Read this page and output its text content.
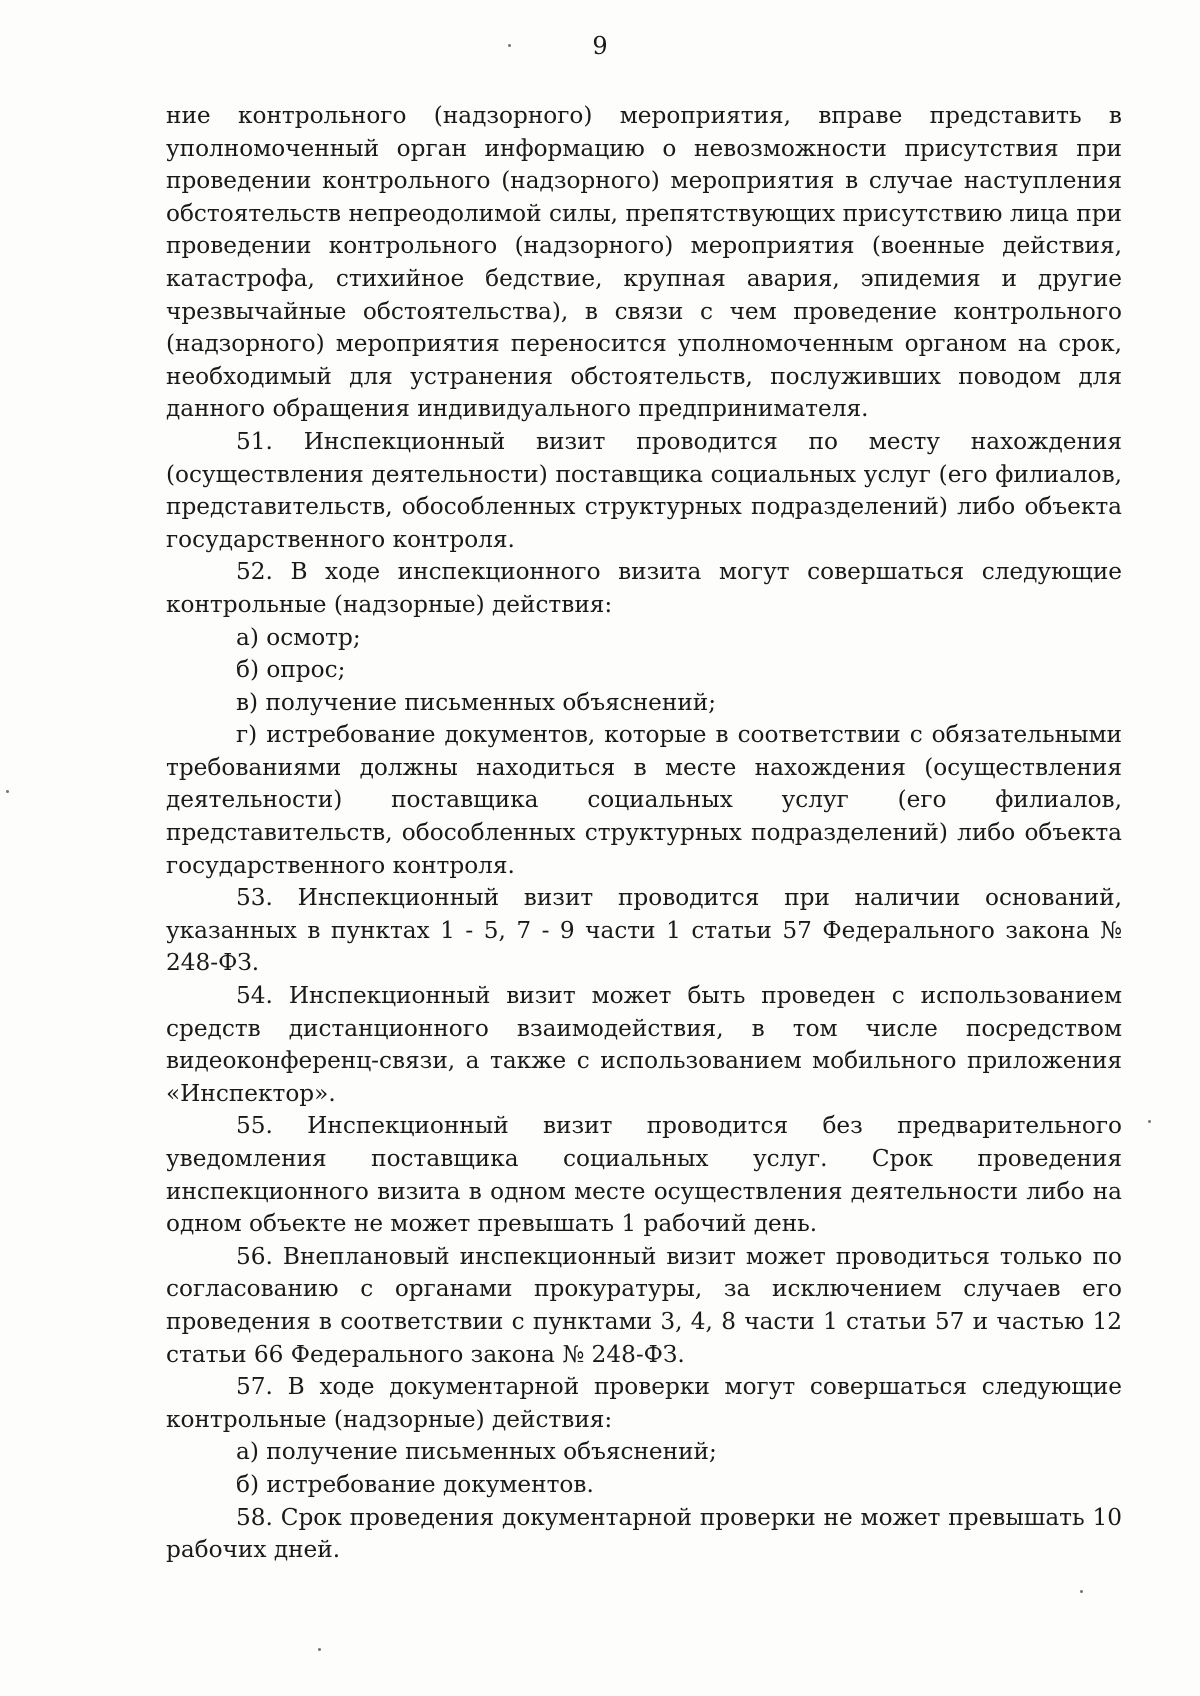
9

ние контрольного (надзорного) мероприятия, вправе представить в уполномоченный орган информацию о невозможности присутствия при проведении контрольного (надзорного) мероприятия в случае наступления обстоятельств непреодолимой силы, препятствующих присутствию лица при проведении контрольного (надзорного) мероприятия (военные действия, катастрофа, стихийное бедствие, крупная авария, эпидемия и другие чрезвычайные обстоятельства), в связи с чем проведение контрольного (надзорного) мероприятия переносится уполномоченным органом на срок, необходимый для устранения обстоятельств, послуживших поводом для данного обращения индивидуального предпринимателя.

51. Инспекционный визит проводится по месту нахождения (осуществления деятельности) поставщика социальных услуг (его филиалов, представительств, обособленных структурных подразделений) либо объекта государственного контроля.

52. В ходе инспекционного визита могут совершаться следующие контрольные (надзорные) действия:

а) осмотр;

б) опрос;

в) получение письменных объяснений;

г) истребование документов, которые в соответствии с обязательными требованиями должны находиться в месте нахождения (осуществления деятельности) поставщика социальных услуг (его филиалов, представительств, обособленных структурных подразделений) либо объекта государственного контроля.

53. Инспекционный визит проводится при наличии оснований, указанных в пунктах 1 - 5, 7 - 9 части 1 статьи 57 Федерального закона № 248-ФЗ.

54. Инспекционный визит может быть проведен с использованием средств дистанционного взаимодействия, в том числе посредством видеоконференц-связи, а также с использованием мобильного приложения «Инспектор».

55. Инспекционный визит проводится без предварительного уведомления поставщика социальных услуг. Срок проведения инспекционного визита в одном месте осуществления деятельности либо на одном объекте не может превышать 1 рабочий день.

56. Внеплановый инспекционный визит может проводиться только по согласованию с органами прокуратуры, за исключением случаев его проведения в соответствии с пунктами 3, 4, 8 части 1 статьи 57 и частью 12 статьи 66 Федерального закона № 248-ФЗ.

57. В ходе документарной проверки могут совершаться следующие контрольные (надзорные) действия:

а) получение письменных объяснений;

б) истребование документов.

58. Срок проведения документарной проверки не может превышать 10 рабочих дней.
